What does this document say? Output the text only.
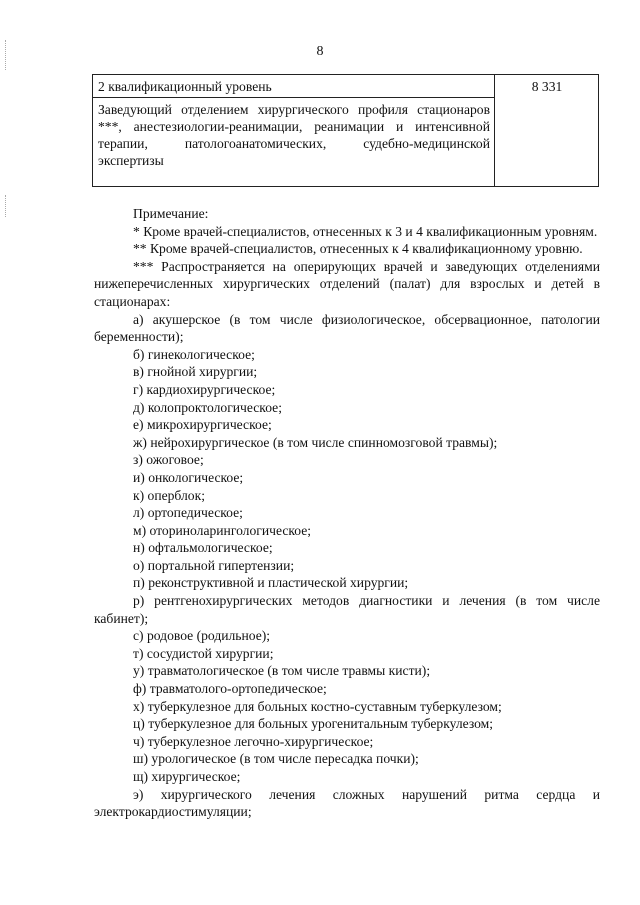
8
2 квалификационный уровень	8 331
Заведующий отделением хирургического профиля стационаров ***, анестезиологии-реанимации, реанимации и интенсивной терапии, патологоанатомических, судебно-медицинской экспертизы

Примечание:

* Кроме врачей-специалистов, отнесенных к 3 и 4 квалификационным уровням.

** Кроме врачей-специалистов, отнесенных к 4 квалификационному уровню.

*** Распространяется на оперирующих врачей и заведующих отделениями нижеперечисленных хирургических отделений (палат) для взрослых и детей в стационарах:

а) акушерское (в том числе физиологическое, обсервационное, патологии беременности);

б) гинекологическое;

в) гнойной хирургии;

г) кардиохирургическое;

д) колопроктологическое;

е) микрохирургическое;

ж) нейрохирургическое (в том числе спинномозговой травмы);

з) ожоговое;

и) онкологическое;

к) оперблок;

л) ортопедическое;

м) оториноларингологическое;

н) офтальмологическое;

о) портальной гипертензии;

п) реконструктивной и пластической хирургии;

р) рентгенохирургических методов диагностики и лечения (в том числе кабинет);

с) родовое (родильное);

т) сосудистой хирургии;

у) травматологическое (в том числе травмы кисти);

ф) травматолого-ортопедическое;

х) туберкулезное для больных костно-суставным туберкулезом;

ц) туберкулезное для больных урогенитальным туберкулезом;

ч) туберкулезное легочно-хирургическое;

ш) урологическое (в том числе пересадка почки);

щ) хирургическое;

э) хирургического лечения сложных нарушений ритма сердца и электрокардиостимуляции;
